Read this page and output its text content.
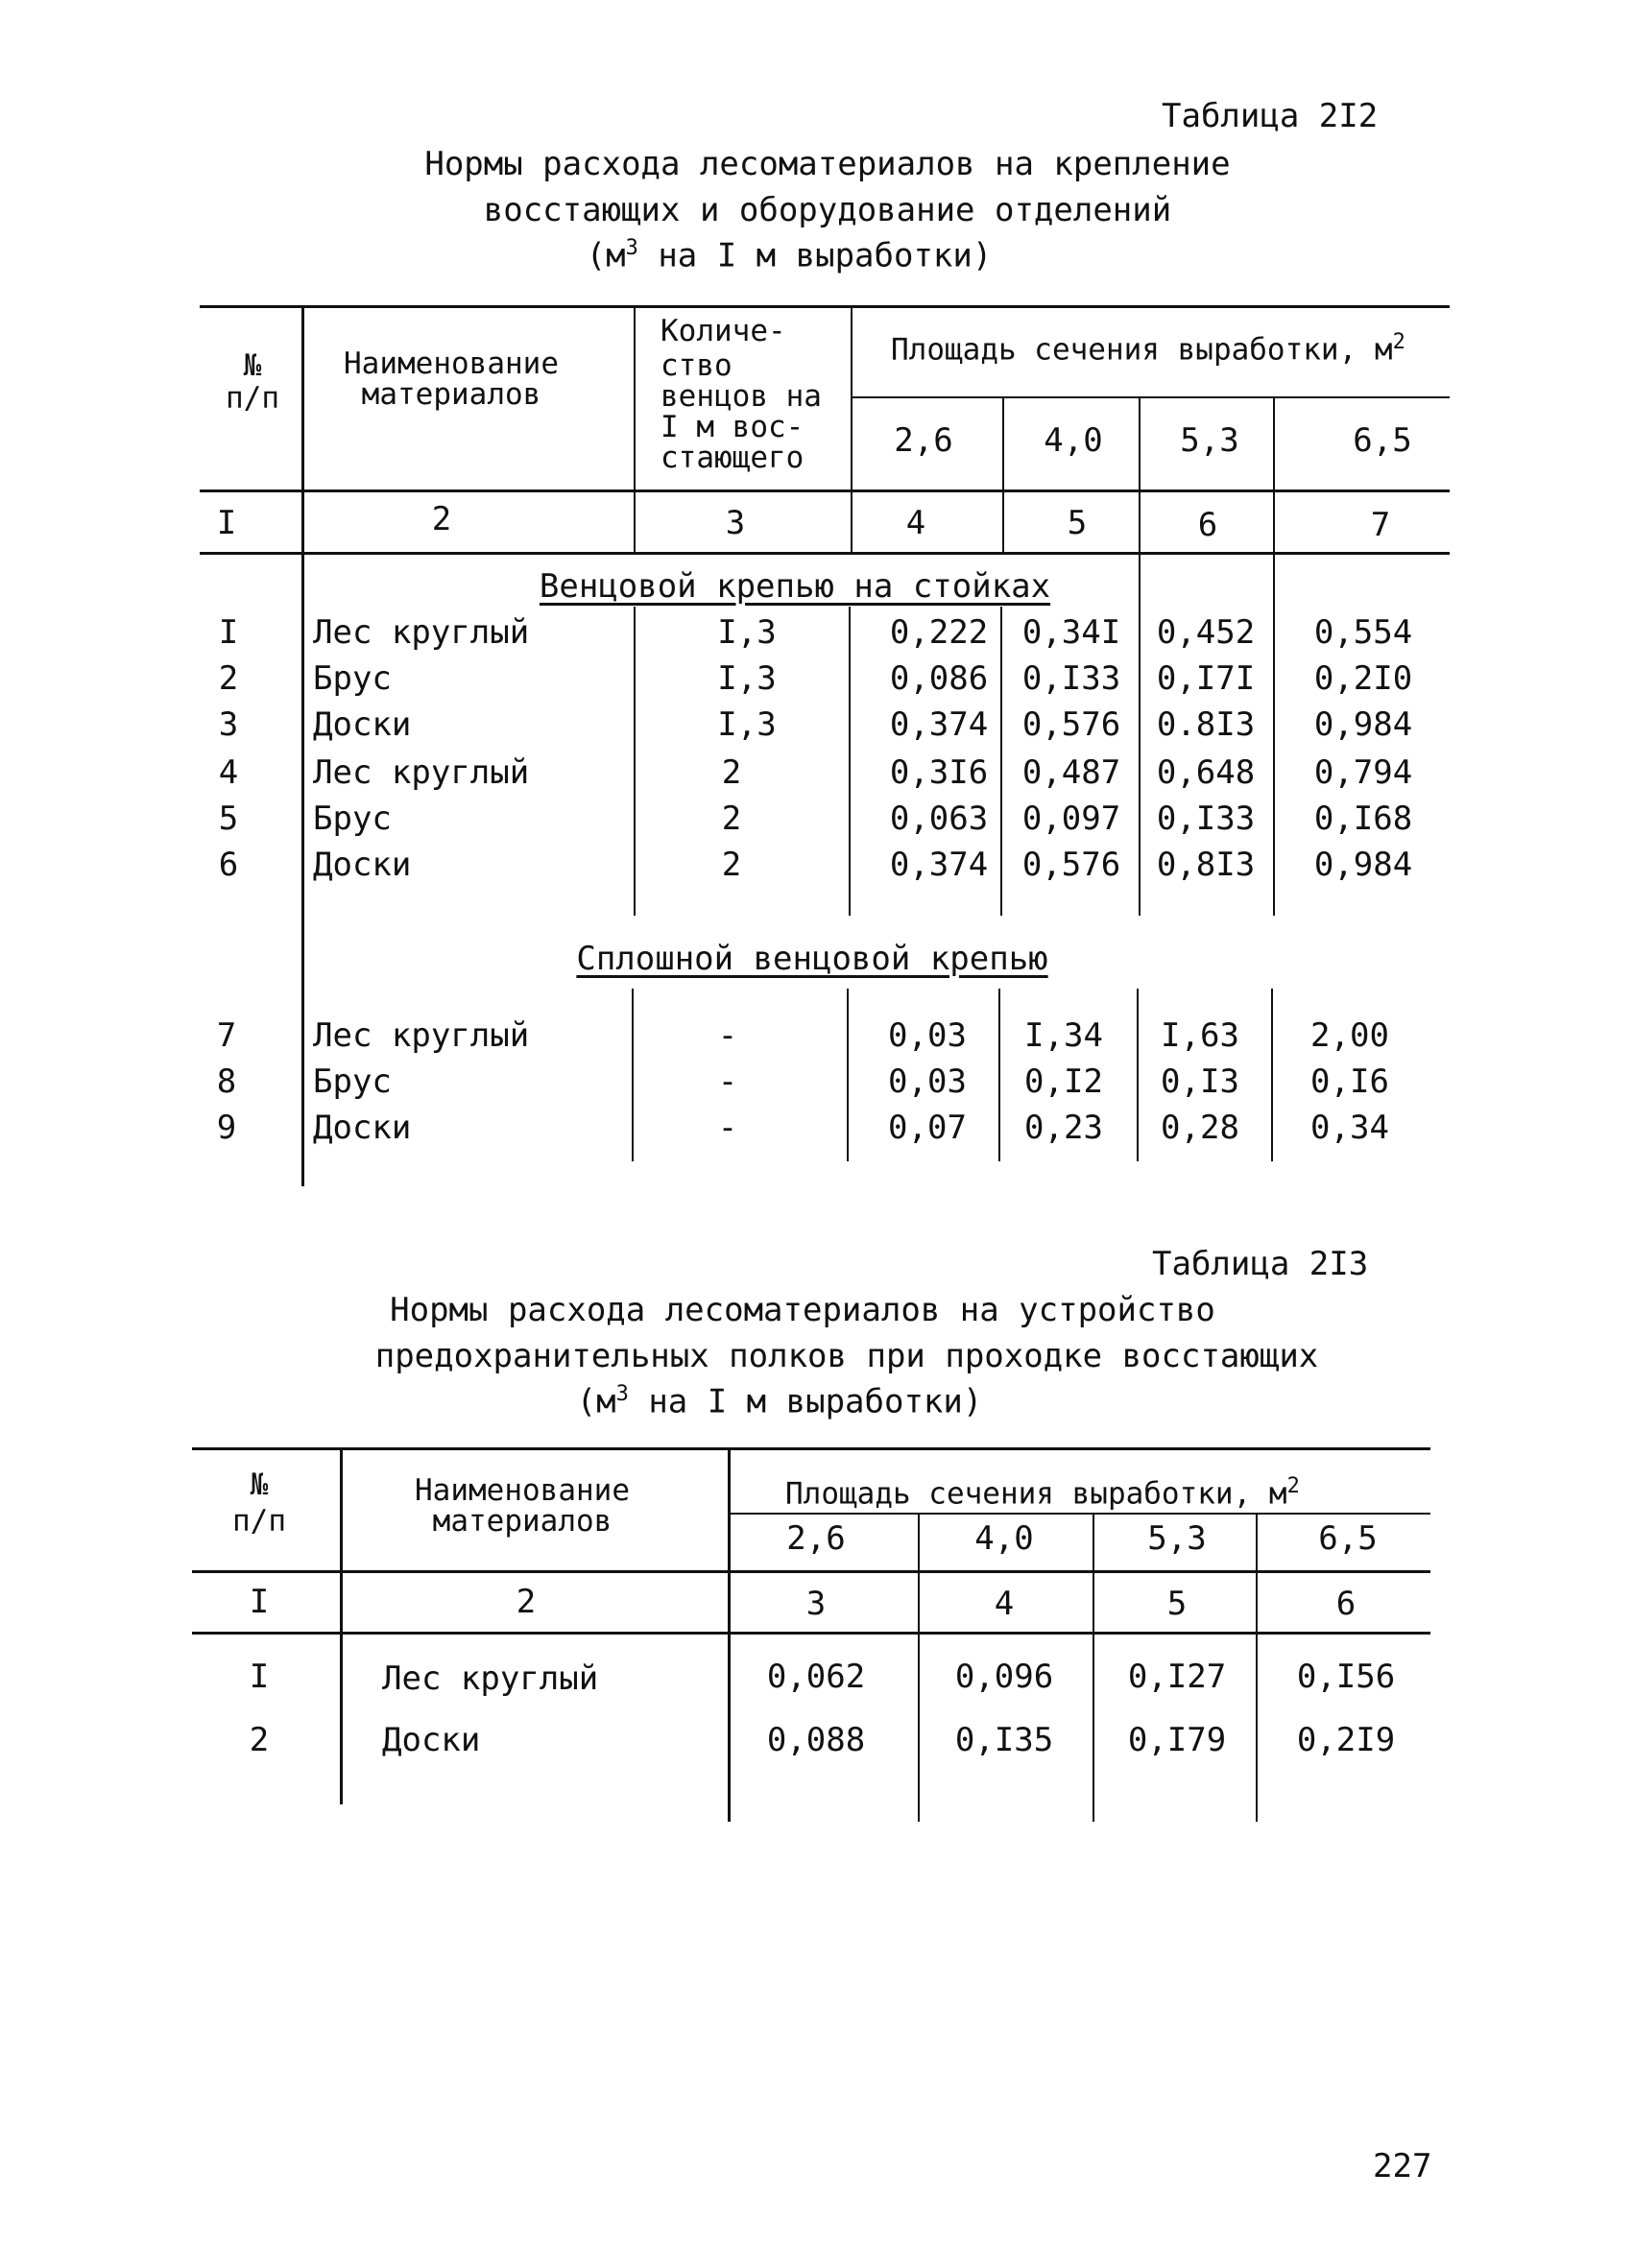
Таблица 2I2
Нормы расхода лесоматериалов на крепление
восстающих и оборудование отделений
($м^3$ на I м выработки)
№
п/п
Наименование
материалов
Количе-
ство
венцов на
I м вос-
стающего
Площадь сечения выработки, $м^2$
2,6	4,0 5,3	6,5
I	2	3	4	5	6	7
Венцовой крепью на стойках
I Лес круглый	I,3	0,222 0,34I 0,452 0,554
2 Брус	I,3	0,086 0,I33 0,I7I 0,2I0
3 Доски	I,3	0,374 0,576 0.8I3 0,984
4 Лес круглый	2	0,3I6 0,487 0,648 0,794
5 Брус	2	0,063 0,097 0,I33 0,I68
6 Доски	2	0,374 0,576 0,8I3 0,984
Сплошной венцовой крепью
7 Лес круглый	-	0,03 I,34 I,63 2,00
8 Брус	-	0,03 0,I2 0,I3 0,I6
9 Доски	-	0,07 0,23 0,28 0,34
Таблица 2I3
Нормы расхода лесоматериалов на устройство
предохранительных полков при проходке восстающих
($м^3$ на I м выработки)
№
п/п
Наименование
материалов
Площадь сечения выработки, $м^2$
2,6	4,0	5,3	6,5
I	2	3	4	5	6
I	Лес круглый	0,062	0,096 0,I27 0,I56
2	Доски	0,088	0,I35 0,I79 0,2I9
227
